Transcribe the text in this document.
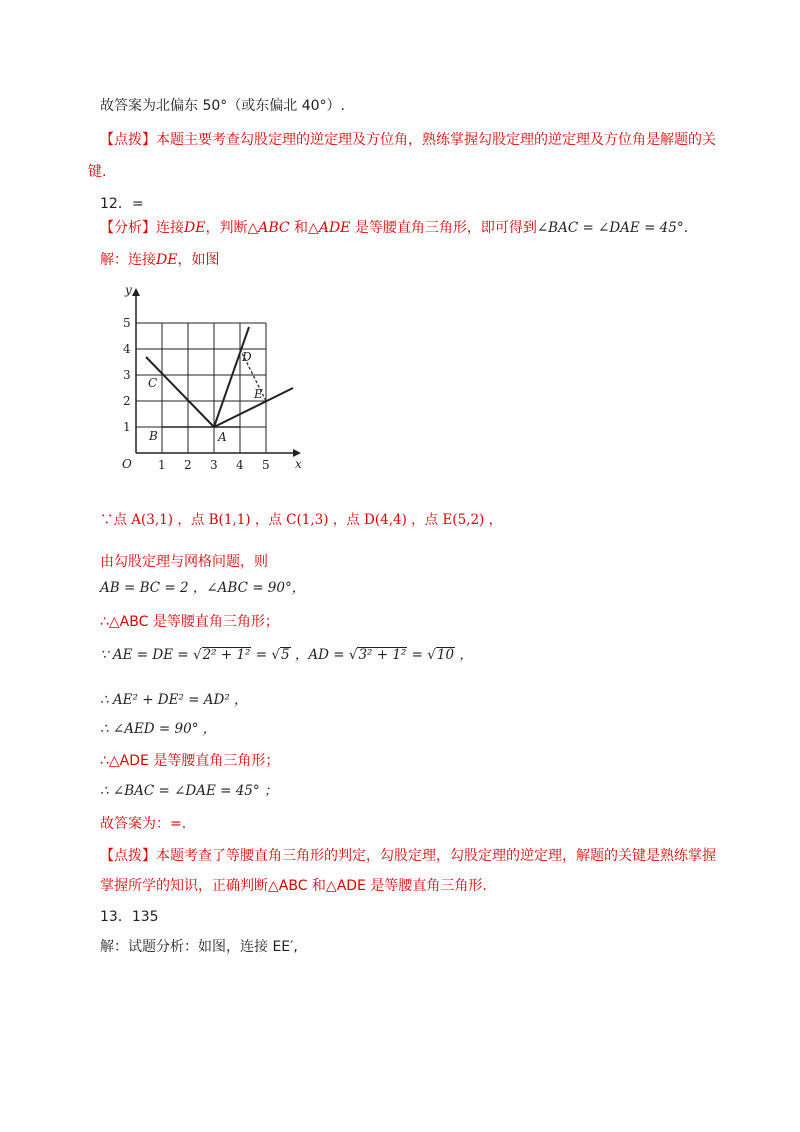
故答案为北偏东 50°（或东偏北 40°）.
【点拨】本题主要考查勾股定理的逆定理及方位角，熟练掌握勾股定理的逆定理及方位角是解题的关
键.
12．=
【分析】连接DE，判断△ABC 和△ADE 是等腰直角三角形，即可得到∠BAC = ∠DAE = 45°.
解：连接DE，如图
y
x
O 1 2 3 4 5
1
2
3
4
5
A
B
C
D
E
∵点 A(3,1) ，点 B(1,1) ，点 C(1,3) ，点 D(4,4) ，点 E(5,2) ，
由勾股定理与网格问题，则
AB = BC = 2 ，∠ABC = 90°，
∴△ABC 是等腰直角三角形；
∵ AE = DE = √2² + 1² = √5 ，AD = √3² + 1² = √10 ，
∴ AE² + DE² = AD² ，
∴ ∠AED = 90° ，
∴△ADE 是等腰直角三角形；
∴ ∠BAC = ∠DAE = 45° ；
故答案为：=.
【点拨】本题考查了等腰直角三角形的判定，勾股定理，勾股定理的逆定理，解题的关键是熟练掌握
掌握所学的知识，正确判断△ABC 和△ADE 是等腰直角三角形.
13．135
解：试题分析：如图，连接 EE′,
